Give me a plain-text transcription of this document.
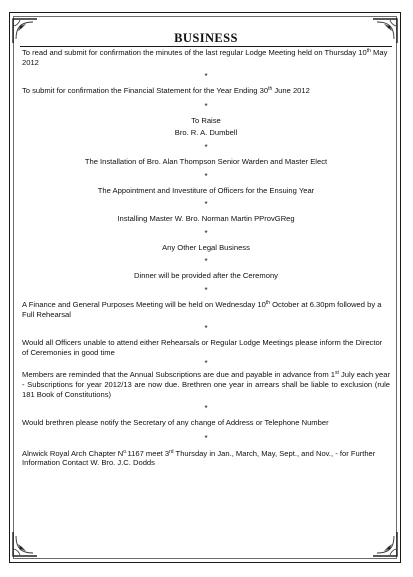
BUSINESS

To read and submit for confirmation the minutes of the last regular Lodge Meeting held on Thursday 10th May 2012

*

To submit for confirmation the Financial Statement for the Year Ending 30th June 2012

*

To Raise

Bro. R. A. Dumbell

*

The Installation of Bro. Alan Thompson Senior Warden and Master Elect

*

The Appointment and Investiture of Officers for the Ensuing Year

*

Installing Master W. Bro. Norman Martin PProvGReg

*

Any Other Legal Business

*

Dinner will be provided after the Ceremony

*

A Finance and General Purposes Meeting will be held on Wednesday 10th October at 6.30pm followed by a Full Rehearsal

*

Would all Officers unable to attend either Rehearsals or Regular Lodge Meetings please inform the Director of Ceremonies in good time

*

Members are reminded that the Annual Subscriptions are due and payable in advance from 1st July each year - Subscriptions for year 2012/13 are now due. Brethren one year in arrears shall be liable to exclusion (rule 181 Book of Constitutions)

*

Would brethren please notify the Secretary of any change of Address or Telephone Number

*

Alnwick Royal Arch Chapter $N^{o.}1167$ meet 3rd Thursday in Jan., March, May, Sept., and Nov., - for Further Information Contact W. Bro. J.C. Dodds
